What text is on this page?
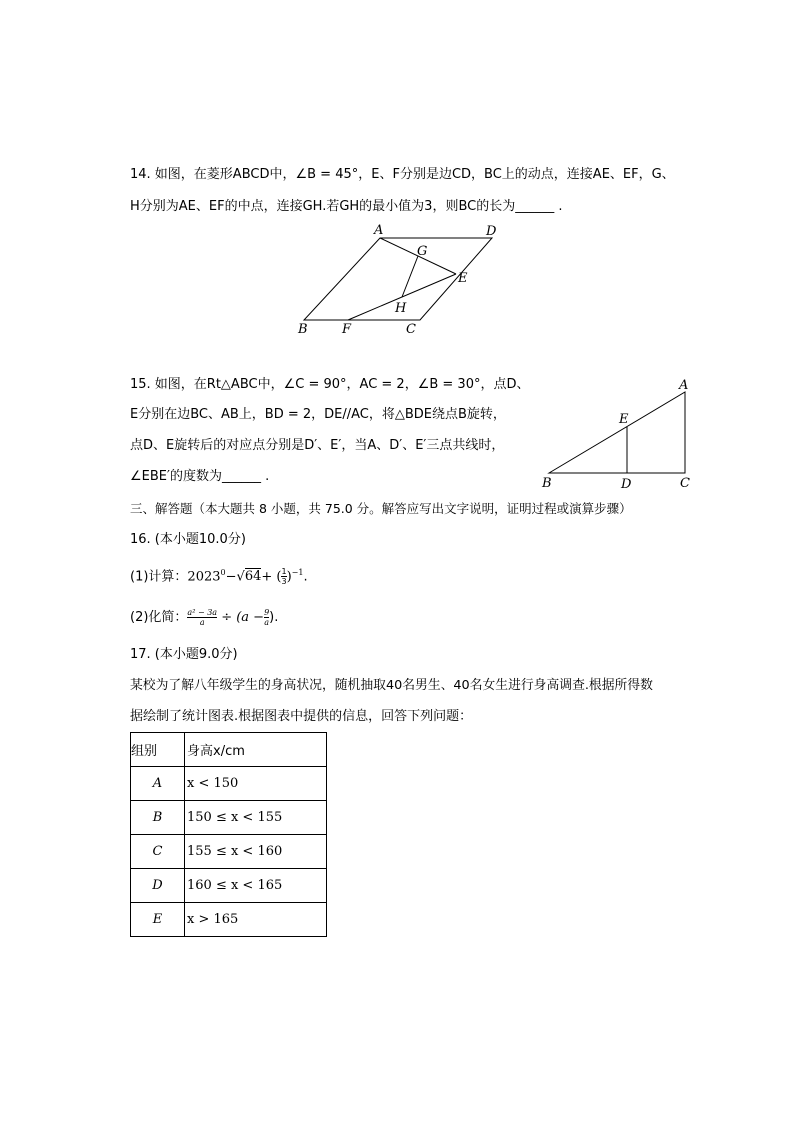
14. 如图，在菱形ABCD中，∠B = 45°，E、F分别是边CD，BC上的动点，连接AE、EF，G、
H分别为AE、EF的中点，连接GH.若GH的最小值为3，则BC的长为______ .
A	D
G
E
H
B	F	C
15. 如图，在Rt△ABC中，∠C = 90°，AC = 2，∠B = 30°，点D、
E分别在边BC、AB上，BD = 2，DE//AC，将△BDE绕点B旋转，
点D、E旋转后的对应点分别是D′、E′，当A、D′、E′三点共线时，
∠EBE′的度数为______ .
A
E
B	D	C
三、解答题（本大题共 8 小题，共 75.0 分。解答应写出文字说明，证明过程或演算步骤）
16. (本小题10.0分)
(1)计算：$2023^0-√64+$ ( $\frac{1}{3} )^{-1}$.
(2)化简： $\frac{\text{a² − 3a}}{a} \div (a - \frac{9}{a}$ ).
17. (本小题9.0分)
某校为了解八年级学生的身高状况，随机抽取40名男生、40名女生进行身高调查.根据所得数
据绘制了统计图表.根据图表中提供的信息，回答下列问题：
组别	身高x/cm
A	x < 150
B	150 ≤ x < 155
C	155 ≤ x < 160
D	160 ≤ x < 165
E	x > 165
